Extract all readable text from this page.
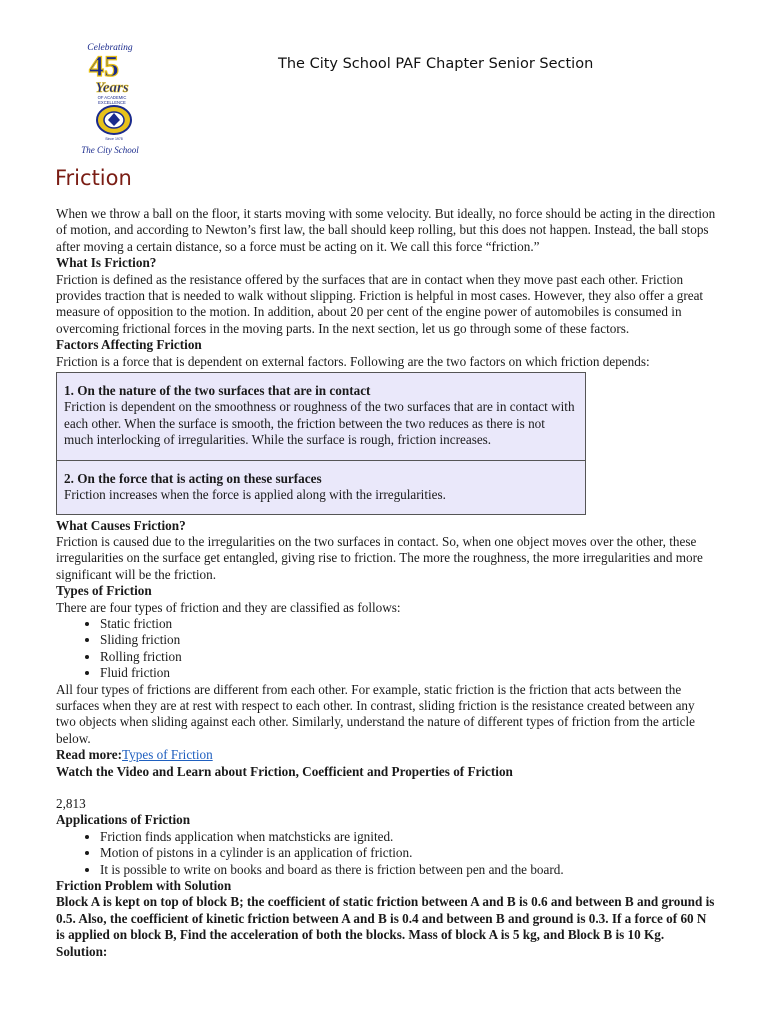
Celebrating
45
Years
OF ACADEMIC
EXCELLENCE
Since 1978
The City School
The City School PAF Chapter Senior Section
Friction

When we throw a ball on the floor, it starts moving with some velocity. But ideally, no force should be acting in the direction of motion, and according to Newton’s first law, the ball should keep rolling, but this does not happen. Instead, the ball stops after moving a certain distance, so a force must be acting on it. We call this force “friction.”

What Is Friction?

Friction is defined as the resistance offered by the surfaces that are in contact when they move past each other. Friction provides traction that is needed to walk without slipping. Friction is helpful in most cases. However, they also offer a great measure of opposition to the motion. In addition, about 20 per cent of the engine power of automobiles is consumed in overcoming frictional forces in the moving parts. In the next section, let us go through some of these factors.

Factors Affecting Friction

Friction is a force that is dependent on external factors. Following are the two factors on which friction depends:

1. On the nature of the two surfaces that are in contact

Friction is dependent on the smoothness or roughness of the two surfaces that are in contact with each other. When the surface is smooth, the friction between the two reduces as there is not much interlocking of irregularities. While the surface is rough, friction increases.

2. On the force that is acting on these surfaces

Friction increases when the force is applied along with the irregularities.

What Causes Friction?

Friction is caused due to the irregularities on the two surfaces in contact. So, when one object moves over the other, these irregularities on the surface get entangled, giving rise to friction. The more the roughness, the more irregularities and more significant will be the friction.

Types of Friction

There are four types of friction and they are classified as follows:

• Static friction
• Sliding friction
• Rolling friction
• Fluid friction

All four types of frictions are different from each other. For example, static friction is the friction that acts between the surfaces when they are at rest with respect to each other. In contrast, sliding friction is the resistance created between any two objects when sliding against each other. Similarly, understand the nature of different types of friction from the article below.

Read more:Types of Friction

Watch the Video and Learn about Friction, Coefficient and Properties of Friction

2,813

Applications of Friction

• Friction finds application when matchsticks are ignited.
• Motion of pistons in a cylinder is an application of friction.
• It is possible to write on books and board as there is friction between pen and the board.

Friction Problem with Solution

Block A is kept on top of block B; the coefficient of static friction between A and B is 0.6 and between B and ground is 0.5. Also, the coefficient of kinetic friction between A and B is 0.4 and between B and ground is 0.3. If a force of 60 N is applied on block B, Find the acceleration of both the blocks. Mass of block A is 5 kg, and Block B is 10 Kg.

Solution:
